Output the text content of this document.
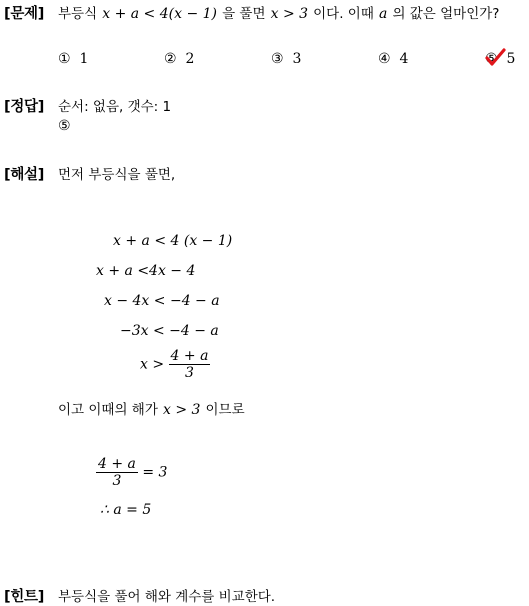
[문제] 부등식 x + a < 4(x − 1) 을 풀면 x > 3 이다. 이때 a 의 값은 얼마인가?
① 1	② 2	③ 3	④ 4	⑤ 5
[정답] 순서: 없음, 갯수: 1
⑤
[해설] 먼저 부등식을 풀면,
x + a < 4 (x − 1)
x + a <4x − 4
x − 4x < −4 − a
−3x < −4 − a
$x > \frac{4 + a}{3}$
이고 이때의 해가 x > 3 이므로
$\frac{4 + a}{3} = 3$
∴ a = 5
[힌트] 부등식을 풀어 해와 계수를 비교한다.
